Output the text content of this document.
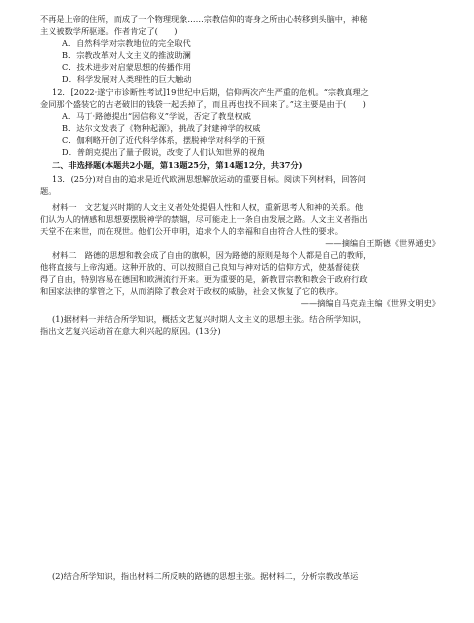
不再是上帝的住所，而成了一个物理现象……宗教信仰的寄身之所由心转移到头脑中，神秘
主义被数学所驱逐。作者肯定了(　　)
A．自然科学对宗教地位的完全取代
B．宗教改革对人文主义的推波助澜
C．技术进步对启蒙思想的传播作用
D．科学发展对人类理性的巨大触动
12．[2022·遂宁市诊断性考试]19世纪中后期，信仰两次产生严重的危机。“宗教真理之
金同那个盛装它的古老破旧的钱袋一起丢掉了，而且再也找不回来了。”这主要是由于(　　)
A．马丁·路德提出“因信称义”学说，否定了教皇权威
B．达尔文发表了《物种起源》，挑战了封建神学的权威
C．伽利略开创了近代科学体系，摆脱神学对科学的干预
D．普朗克提出了量子假说，改变了人们认知世界的视角
二、非选择题(本题共2小题，第13题25分，第14题12分，共37分)
13．(25分)对自由的追求是近代欧洲思想解放运动的重要目标。阅读下列材料，回答问
题。
材料一　文艺复兴时期的人文主义者处处提倡人性和人权，重新思考人和神的关系。他
们认为人的情感和思想要摆脱神学的禁锢，尽可能走上一条自由发展之路。人文主义者指出
天堂不在来世，而在现世。他们公开申明，追求个人的幸福和自由符合人性的要求。
——摘编自王斯德《世界通史》
材料二　路德的思想和教会成了自由的旗帜，因为路德的原则是每个人都是自己的教师，
他将直接与上帝沟通。这种开放的、可以按照自己良知与神对话的信仰方式，使基督徒获
得了自由，特别容易在德国和欧洲流行开来。更为重要的是，新教冒宗教和教会于政府行政
和国家法律的掌管之下，从而消除了教会对于政权的威胁，社会又恢复了它的秩序。
——摘编自马克垚主编《世界文明史》
(1)据材料一并结合所学知识，概括文艺复兴时期人文主义的思想主张。结合所学知识，
指出文艺复兴运动首在意大利兴起的原因。(13分)
(2)结合所学知识，指出材料二所反映的路德的思想主张。据材料二，分析宗教改革运
